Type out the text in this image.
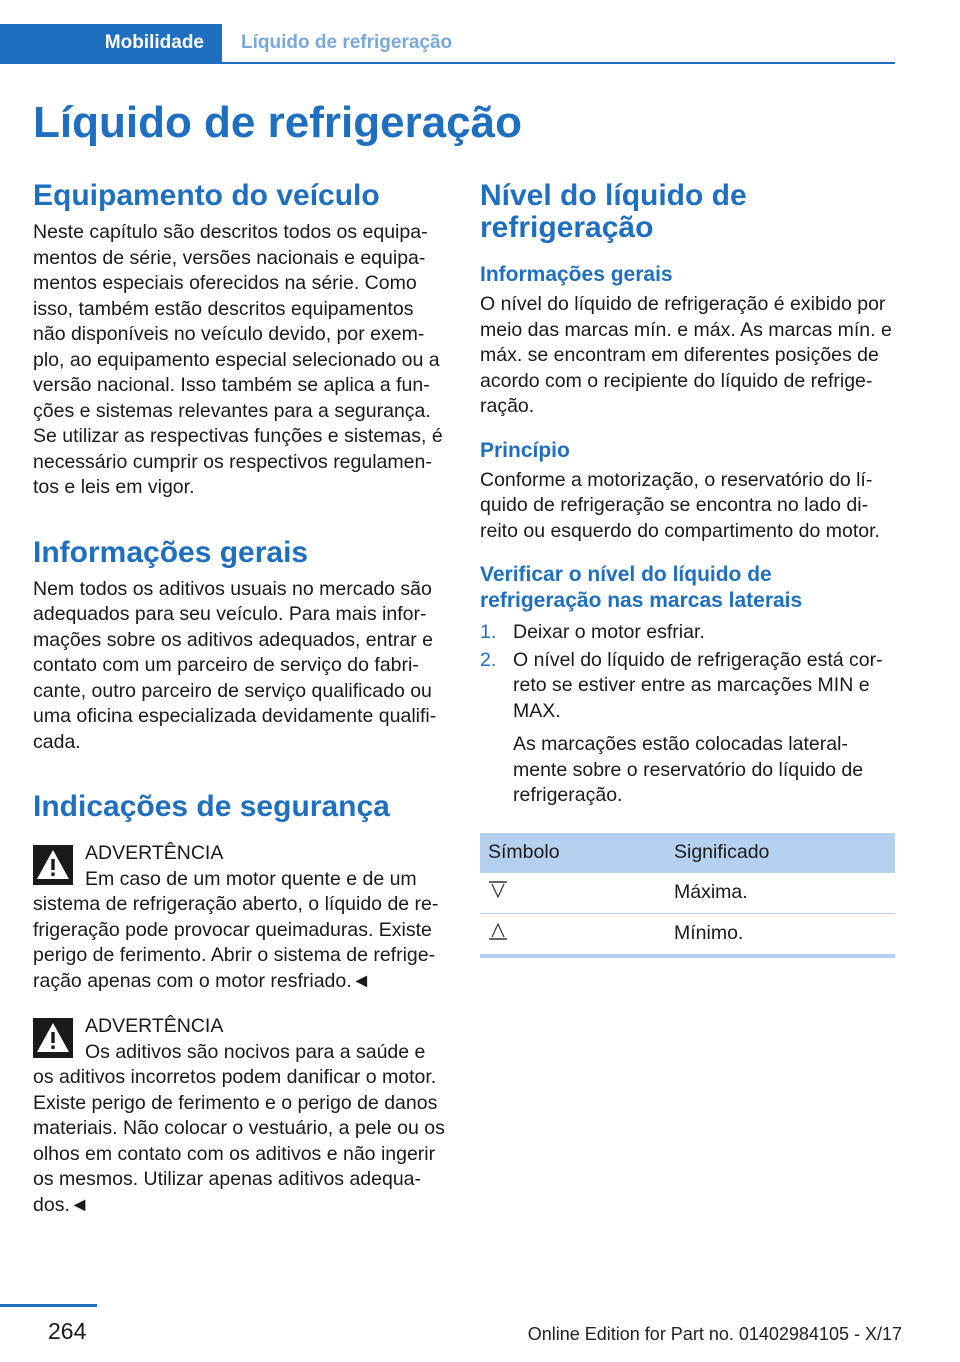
Mobilidade	Líquido de refrigeração
Líquido de refrigeração
Equipamento do veículo

Neste capítulo são descritos todos os equipamentos de série, versões nacionais e equipamentos especiais oferecidos na série. Como isso, também estão descritos equipamentos não disponíveis no veículo devido, por exemplo, ao equipamento especial selecionado ou a versão nacional. Isso também se aplica a funções e sistemas relevantes para a segurança. Se utilizar as respectivas funções e sistemas, é necessário cumprir os respectivos regulamentos e leis em vigor.

Informações gerais

Nem todos os aditivos usuais no mercado são adequados para seu veículo. Para mais informações sobre os aditivos adequados, entrar e contato com um parceiro de serviço do fabricante, outro parceiro de serviço qualificado ou uma oficina especializada devidamente qualificada.

Indicações de segurança
ADVERTÊNCIA

Em caso de um motor quente e de um sistema de refrigeração aberto, o líquido de refrigeração pode provocar queimaduras. Existe perigo de ferimento. Abrir o sistema de refrigeração apenas com o motor resfriado.◄

ADVERTÊNCIA

Os aditivos são nocivos para a saúde e os aditivos incorretos podem danificar o motor. Existe perigo de ferimento e o perigo de danos materiais. Não colocar o vestuário, a pele ou os olhos em contato com os aditivos e não ingerir os mesmos. Utilizar apenas aditivos adequados.◄

Nível do líquido de refrigeração
Informações gerais

O nível do líquido de refrigeração é exibido por meio das marcas mín. e máx. As marcas mín. e máx. se encontram em diferentes posições de acordo com o recipiente do líquido de refrigeração.

Princípio

Conforme a motorização, o reservatório do líquido de refrigeração se encontra no lado direito ou esquerdo do compartimento do motor.

Verificar o nível do líquido de refrigeração nas marcas laterais
1. Deixar o motor esfriar.
2. O nível do líquido de refrigeração está correto se estiver entre as marcações MIN e MAX.
As marcações estão colocadas lateralmente sobre o reservatório do líquido de refrigeração.
Símbolo	Significado
	Máxima.
	Mínimo.
264	Online Edition for Part no. 01402984105 - X/17
